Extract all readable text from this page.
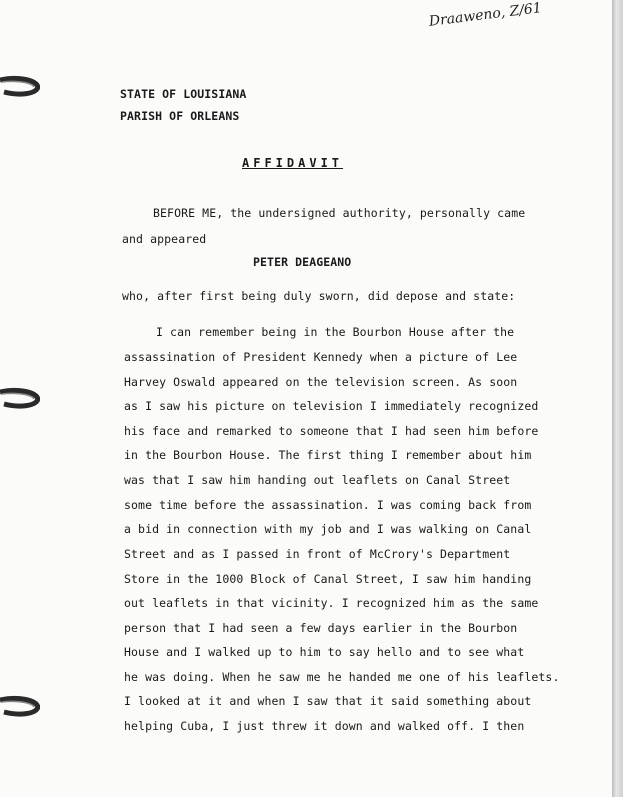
Draaweno, Z/61
STATE OF LOUISIANA
PARISH OF ORLEANS
AFFIDAVIT
BEFORE ME, the undersigned authority, personally came
and appeared
PETER DEAGEANO
who, after first being duly sworn, did depose and state:
I can remember being in the Bourbon House after the
assassination of President Kennedy when a picture of Lee
Harvey Oswald appeared on the television screen. As soon
as I saw his picture on television I immediately recognized
his face and remarked to someone that I had seen him before
in the Bourbon House. The first thing I remember about him
was that I saw him handing out leaflets on Canal Street
some time before the assassination. I was coming back from
a bid in connection with my job and I was walking on Canal
Street and as I passed in front of McCrory's Department
Store in the 1000 Block of Canal Street, I saw him handing
out leaflets in that vicinity. I recognized him as the same
person that I had seen a few days earlier in the Bourbon
House and I walked up to him to say hello and to see what
he was doing. When he saw me he handed me one of his leaflets.
I looked at it and when I saw that it said something about
helping Cuba, I just threw it down and walked off. I then
